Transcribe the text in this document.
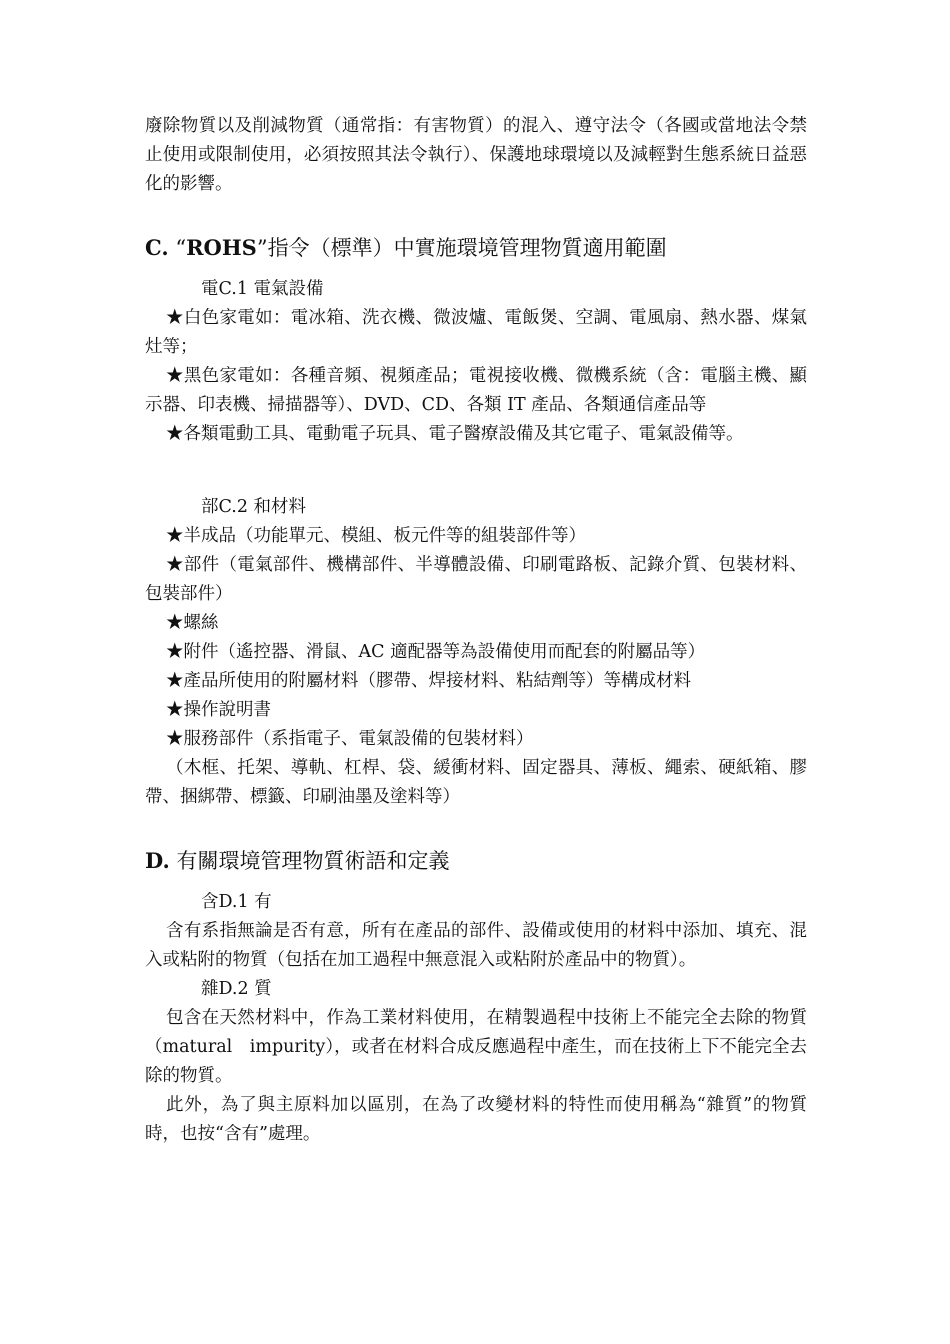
廢除物質以及削減物質（通常指：有害物質）的混入、遵守法令（各國或當地法令禁止使用或限制使用，必須按照其法令執行）、保護地球環境以及減輕對生態系統日益惡化的影響。

C. “ROHS”指令（標準）中實施環境管理物質適用範圍

電C.1 電氣設備

★白色家電如：電冰箱、洗衣機、微波爐、電飯煲、空調、電風扇、熱水器、煤氣灶等；

★黑色家電如：各種音頻、視頻產品；電視接收機、微機系統（含：電腦主機、顯示器、印表機、掃描器等）、DVD、CD、各類 IT 產品、各類通信產品等

★各類電動工具、電動電子玩具、電子醫療設備及其它電子、電氣設備等。

部C.2 和材料

★半成品（功能單元、模組、板元件等的組裝部件等）

★部件（電氣部件、機構部件、半導體設備、印刷電路板、記錄介質、包裝材料、包裝部件）

★螺絲

★附件（遙控器、滑鼠、AC 適配器等為設備使用而配套的附屬品等）

★產品所使用的附屬材料（膠帶、焊接材料、粘結劑等）等構成材料

★操作說明書

★服務部件（系指電子、電氣設備的包裝材料）

（木框、托架、導軌、杠桿、袋、緩衝材料、固定器具、薄板、繩索、硬紙箱、膠帶、捆綁帶、標籤、印刷油墨及塗料等）

D. 有關環境管理物質術語和定義

含D.1 有

含有系指無論是否有意，所有在產品的部件、設備或使用的材料中添加、填充、混入或粘附的物質（包括在加工過程中無意混入或粘附於產品中的物質）。

雜D.2 質

包含在天然材料中，作為工業材料使用，在精製過程中技術上不能完全去除的物質（matural　impurity），或者在材料合成反應過程中產生，而在技術上下不能完全去除的物質。

此外，為了與主原料加以區別，在為了改變材料的特性而使用稱為“雜質”的物質時，也按“含有”處理。
